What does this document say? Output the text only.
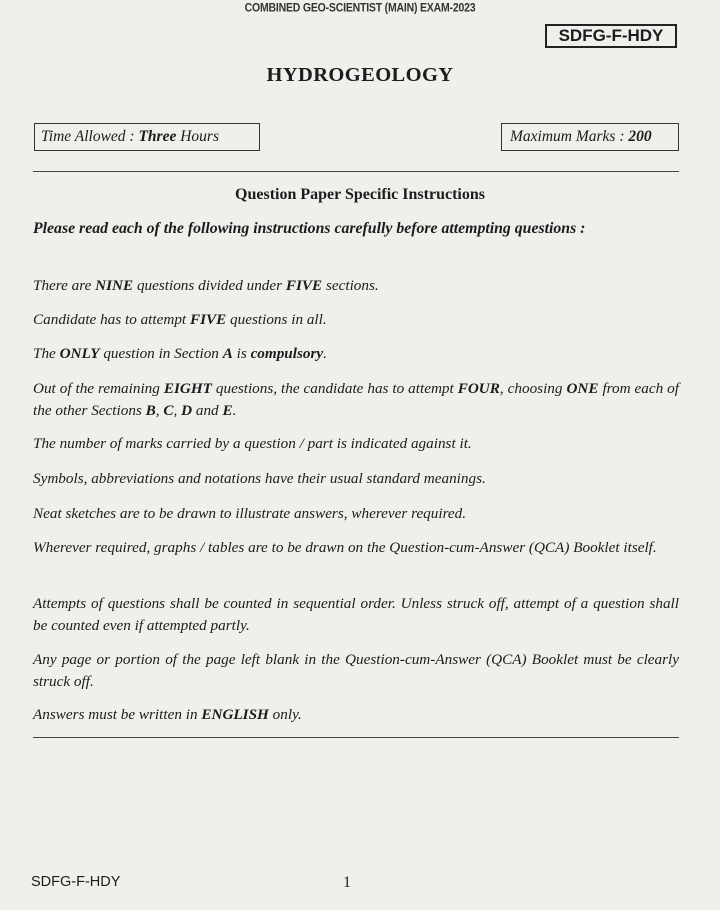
COMBINED GEO-SCIENTIST (MAIN) EXAM-2023
SDFG-F-HDY
HYDROGEOLOGY
Time Allowed : Three Hours	Maximum Marks : 200
Question Paper Specific Instructions
Please read each of the following instructions carefully before attempting questions :
There are NINE questions divided under FIVE sections.
Candidate has to attempt FIVE questions in all.
The ONLY question in Section A is compulsory.
Out of the remaining EIGHT questions, the candidate has to attempt FOUR, choosing ONE from each of the other Sections B, C, D and E.
The number of marks carried by a question / part is indicated against it.
Symbols, abbreviations and notations have their usual standard meanings.
Neat sketches are to be drawn to illustrate answers, wherever required.
Wherever required, graphs / tables are to be drawn on the Question-cum-Answer (QCA) Booklet itself.
Attempts of questions shall be counted in sequential order. Unless struck off, attempt of a question shall be counted even if attempted partly.
Any page or portion of the page left blank in the Question-cum-Answer (QCA) Booklet must be clearly struck off.
Answers must be written in ENGLISH only.
SDFG-F-HDY	1
